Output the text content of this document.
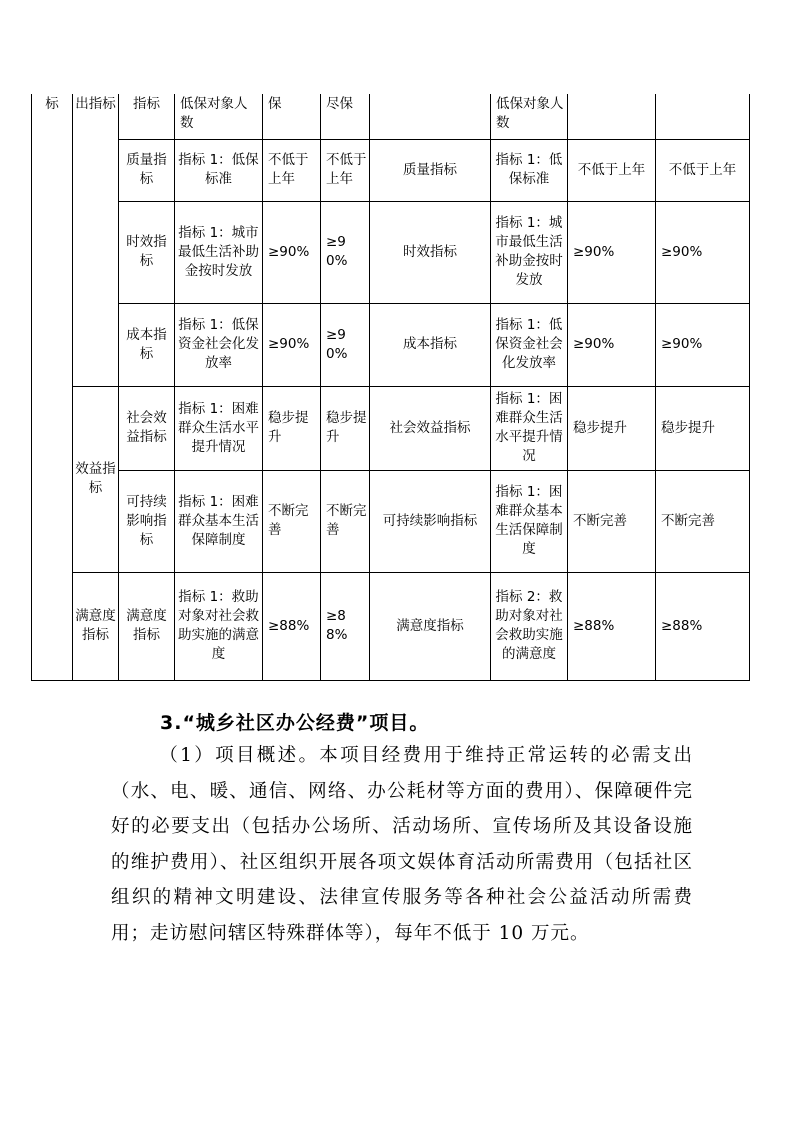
标	出指标	指标	低保对象人数	保	尽保		低保对象人数		
		质量指标	指标 1：低保标准	不低于上年	不低于上年	质量指标	指标 1：低保标准	不低于上年	不低于上年
		时效指标	指标 1：城市最低生活补助金按时发放	≥90%	≥90%	时效指标	指标 1：城市最低生活补助金按时发放	≥90%	≥90%
		成本指标	指标 1：低保资金社会化发放率	≥90%	≥90%	成本指标	指标 1：低保资金社会化发放率	≥90%	≥90%
	效益指标	社会效益指标	指标 1：困难群众生活水平提升情况	稳步提升	稳步提升	社会效益指标	指标 1：困难群众生活水平提升情况	稳步提升	稳步提升
		可持续影响指标	指标 1：困难群众基本生活保障制度	不断完善	不断完善	可持续影响指标	指标 1：困难群众基本生活保障制度	不断完善	不断完善
	满意度指标	满意度指标	指标 1：救助对象对社会救助实施的满意度	≥88%	≥88%	满意度指标	指标 2：救助对象对社会救助实施的满意度	≥88%	≥88%

3.“城乡社区办公经费”项目。

（1）项目概述。本项目经费用于维持正常运转的必需支出（水、电、暖、通信、网络、办公耗材等方面的费用）、保障硬件完好的必要支出（包括办公场所、活动场所、宣传场所及其设备设施的维护费用）、社区组织开展各项文娱体育活动所需费用（包括社区组织的精神文明建设、法律宣传服务等各种社会公益活动所需费用；走访慰问辖区特殊群体等），每年不低于 10 万元。
